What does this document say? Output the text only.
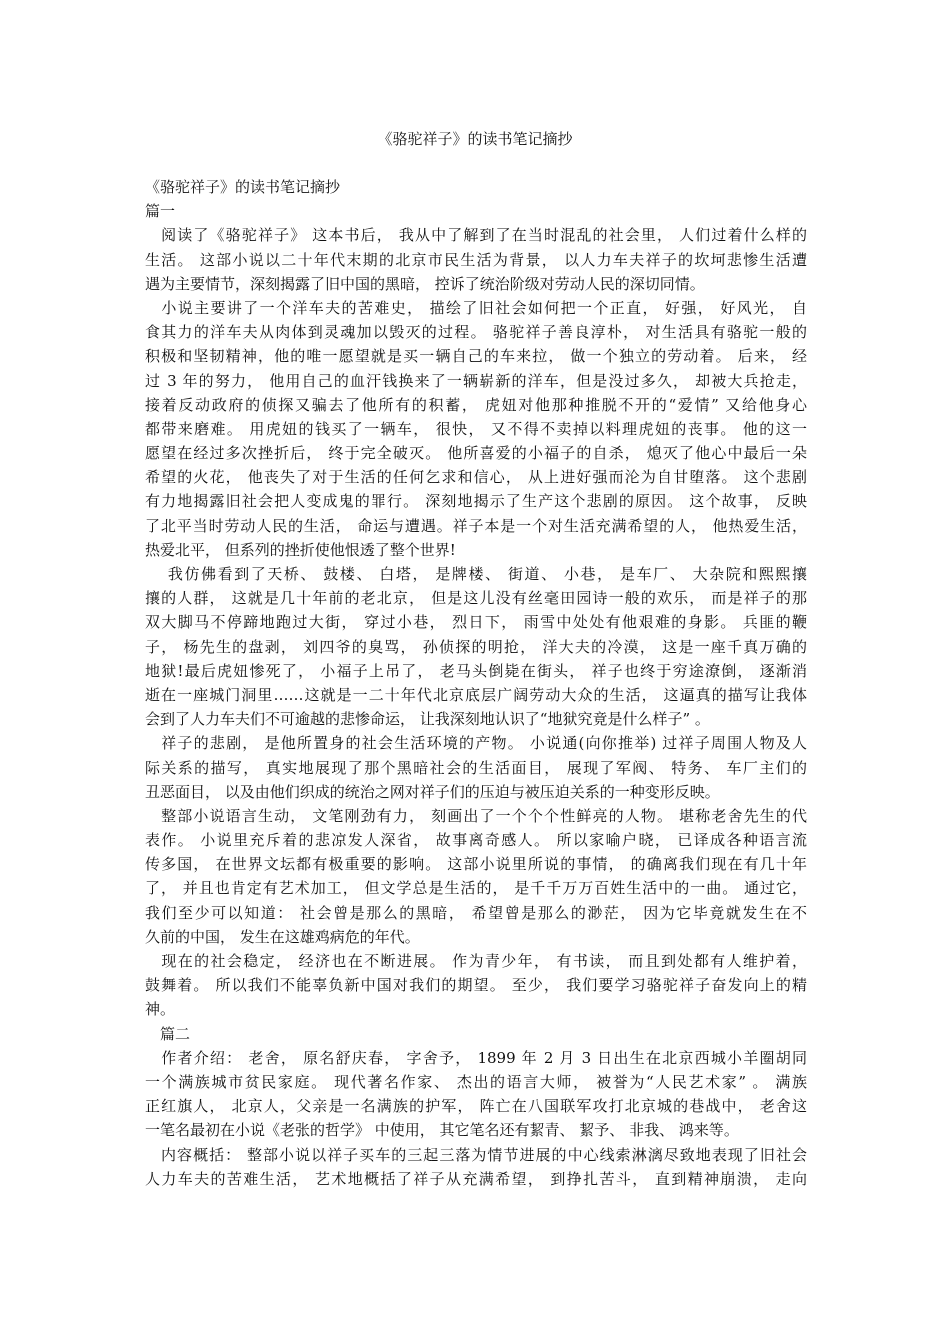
《骆驼祥子》的读书笔记摘抄
《骆驼祥子》的读书笔记摘抄
篇一
　阅读了《骆驼祥子》 这本书后， 我从中了解到了在当时混乱的社会里， 人们过着什么样的
生活。 这部小说以二十年代末期的北京市民生活为背景， 以人力车夫祥子的坎坷悲惨生活遭
遇为主要情节，深刻揭露了旧中国的黑暗， 控诉了统治阶级对劳动人民的深切同情。
　小说主要讲了一个洋车夫的苦难史， 描绘了旧社会如何把一个正直， 好强， 好风光， 自
食其力的洋车夫从肉体到灵魂加以毁灭的过程。 骆驼祥子善良淳朴， 对生活具有骆驼一般的
积极和坚韧精神，他的唯一愿望就是买一辆自己的车来拉， 做一个独立的劳动着。 后来， 经
过 3 年的努力， 他用自己的血汗钱换来了一辆崭新的洋车，但是没过多久， 却被大兵抢走，
接着反动政府的侦探又骗去了他所有的积蓄， 虎妞对他那种推脱不开的“爱情” 又给他身心
都带来磨难。 用虎妞的钱买了一辆车， 很快， 又不得不卖掉以料理虎妞的丧事。 他的这一
愿望在经过多次挫折后， 终于完全破灭。 他所喜爱的小福子的自杀， 熄灭了他心中最后一朵
希望的火花， 他丧失了对于生活的任何乞求和信心， 从上进好强而沦为自甘堕落。 这个悲剧
有力地揭露旧社会把人变成鬼的罪行。 深刻地揭示了生产这个悲剧的原因。 这个故事， 反映
了北平当时劳动人民的生活， 命运与遭遇。祥子本是一个对生活充满希望的人， 他热爱生活，
热爱北平， 但系列的挫折使他恨透了整个世界!
　 我仿佛看到了天桥、 鼓楼、 白塔， 是牌楼、 街道、 小巷， 是车厂、 大杂院和熙熙攘
攘的人群， 这就是几十年前的老北京， 但是这儿没有丝毫田园诗一般的欢乐， 而是祥子的那
双大脚马不停蹄地跑过大街， 穿过小巷， 烈日下， 雨雪中处处有他艰难的身影。 兵匪的鞭
子， 杨先生的盘剥， 刘四爷的臭骂， 孙侦探的明抢， 洋大夫的冷漠， 这是一座千真万确的
地狱!最后虎妞惨死了， 小福子上吊了， 老马头倒毙在街头， 祥子也终于穷途潦倒， 逐渐消
逝在一座城门洞里……这就是一二十年代北京底层广阔劳动大众的生活， 这逼真的描写让我体
会到了人力车夫们不可逾越的悲惨命运， 让我深刻地认识了“地狱究竟是什么样子” 。
　祥子的悲剧， 是他所置身的社会生活环境的产物。 小说通(向你推举) 过祥子周围人物及人
际关系的描写， 真实地展现了那个黑暗社会的生活面目， 展现了军阀、 特务、 车厂主们的
丑恶面目， 以及由他们织成的统治之网对祥子们的压迫与被压迫关系的一种变形反映。
　整部小说语言生动， 文笔刚劲有力， 刻画出了一个个个性鲜亮的人物。 堪称老舍先生的代
表作。 小说里充斥着的悲凉发人深省， 故事离奇感人。 所以家喻户晓， 已译成各种语言流
传多国， 在世界文坛都有极重要的影响。 这部小说里所说的事情， 的确离我们现在有几十年
了， 并且也肯定有艺术加工， 但文学总是生活的， 是千千万万百姓生活中的一曲。 通过它，
我们至少可以知道： 社会曾是那么的黑暗， 希望曾是那么的渺茫， 因为它毕竟就发生在不
久前的中国， 发生在这雄鸡病危的年代。
　现在的社会稳定， 经济也在不断进展。 作为青少年， 有书读， 而且到处都有人维护着，
鼓舞着。 所以我们不能辜负新中国对我们的期望。 至少， 我们要学习骆驼祥子奋发向上的精
神。
　篇二
　作者介绍： 老舍， 原名舒庆春， 字舍予， 1899 年 2 月 3 日出生在北京西城小羊圈胡同
一个满族城市贫民家庭。 现代著名作家、 杰出的语言大师， 被誉为“人民艺术家” 。 满族
正红旗人， 北京人，父亲是一名满族的护军， 阵亡在八国联军攻打北京城的巷战中， 老舍这
一笔名最初在小说《老张的哲学》 中使用， 其它笔名还有絜青、 絜予、 非我、 鸿来等。
　内容概括： 整部小说以祥子买车的三起三落为情节进展的中心线索淋漓尽致地表现了旧社会
人力车夫的苦难生活， 艺术地概括了祥子从充满希望， 到挣扎苦斗， 直到精神崩溃， 走向
